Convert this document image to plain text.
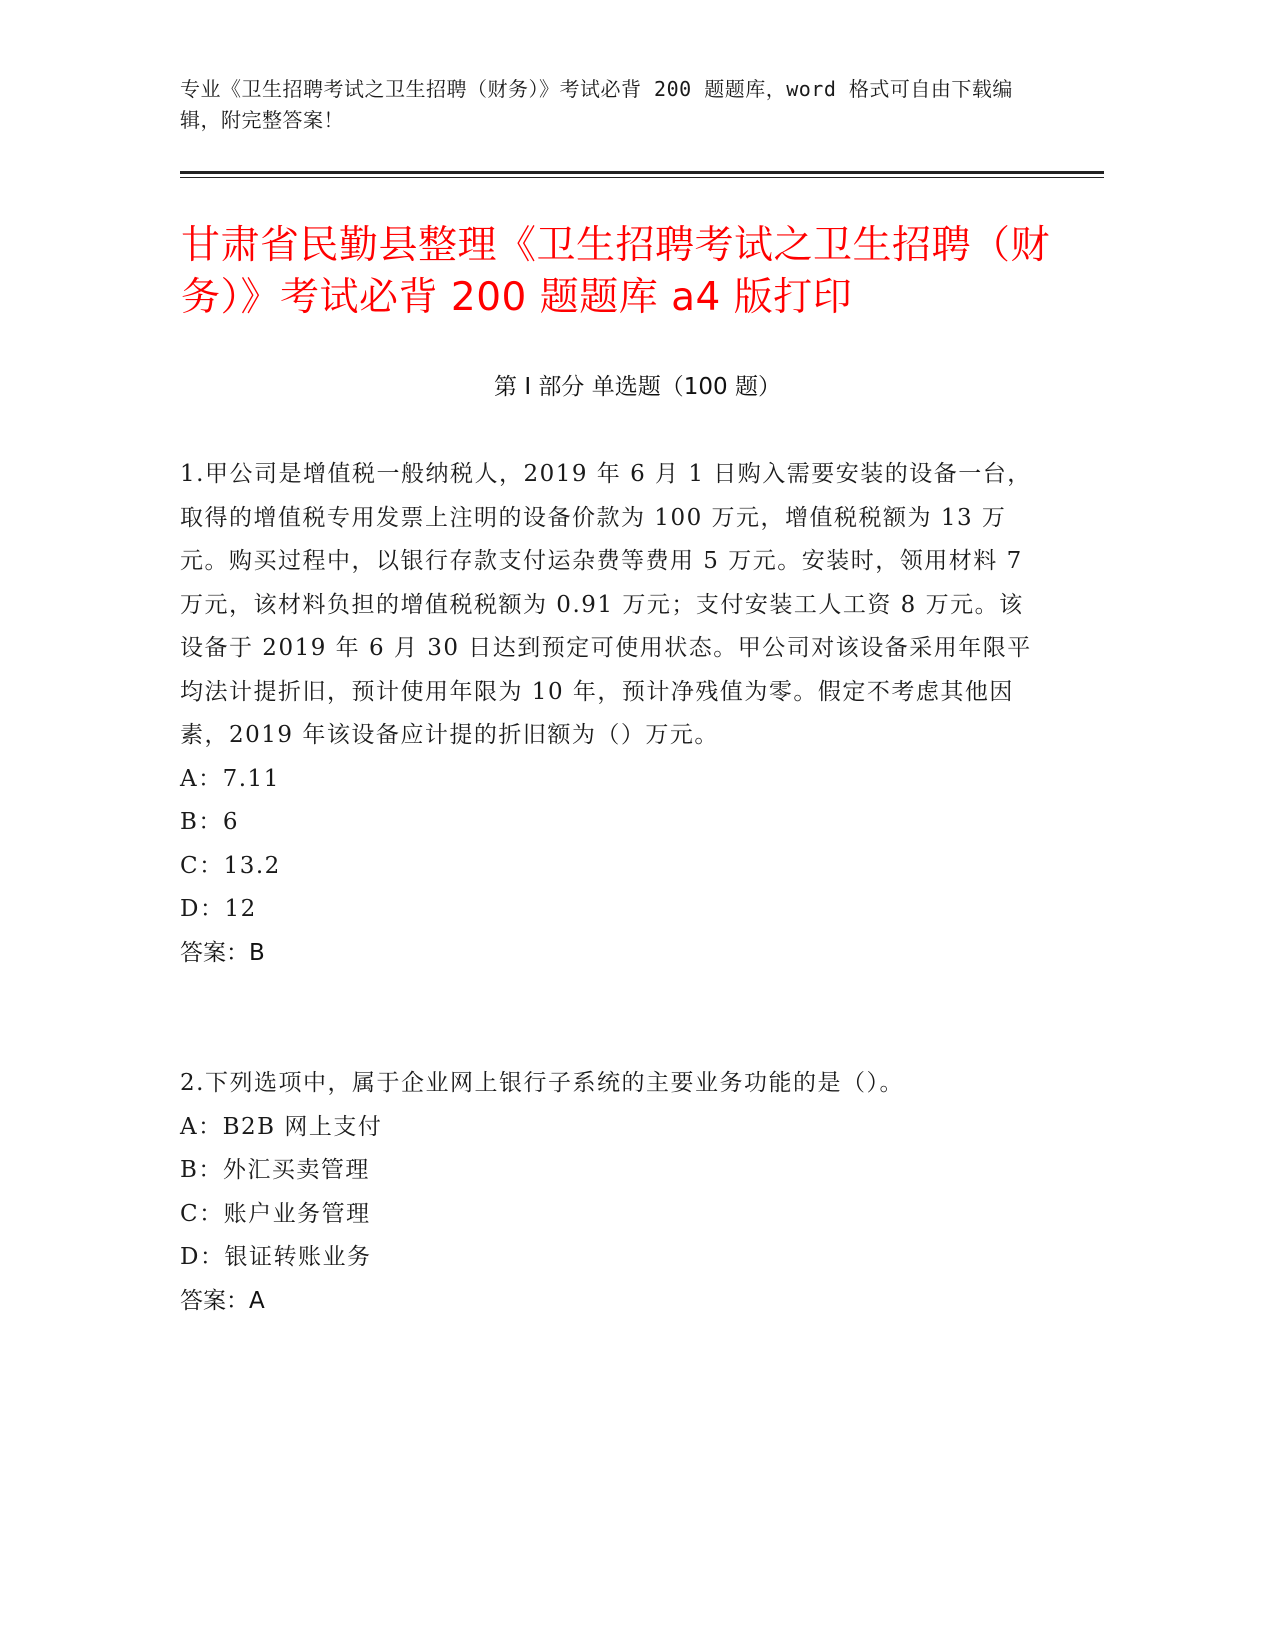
专业《卫生招聘考试之卫生招聘（财务）》考试必背 200 题题库，word 格式可自由下载编辑，附完整答案！
甘肃省民勤县整理《卫生招聘考试之卫生招聘（财务）》考试必背 200 题题库 a4 版打印
第 I 部分 单选题（100 题）
1.甲公司是增值税一般纳税人，2019 年 6 月 1 日购入需要安装的设备一台，取得的增值税专用发票上注明的设备价款为 100 万元，增值税税额为 13 万元。购买过程中，以银行存款支付运杂费等费用 5 万元。安装时，领用材料 7 万元，该材料负担的增值税税额为 0.91 万元；支付安装工人工资 8 万元。该设备于 2019 年 6 月 30 日达到预定可使用状态。甲公司对该设备采用年限平均法计提折旧，预计使用年限为 10 年，预计净残值为零。假定不考虑其他因素，2019 年该设备应计提的折旧额为（）万元。
A：7.11
B：6
C：13.2
D：12
答案：B
2.下列选项中，属于企业网上银行子系统的主要业务功能的是（）。
A：B2B 网上支付
B：外汇买卖管理
C：账户业务管理
D：银证转账业务
答案：A
